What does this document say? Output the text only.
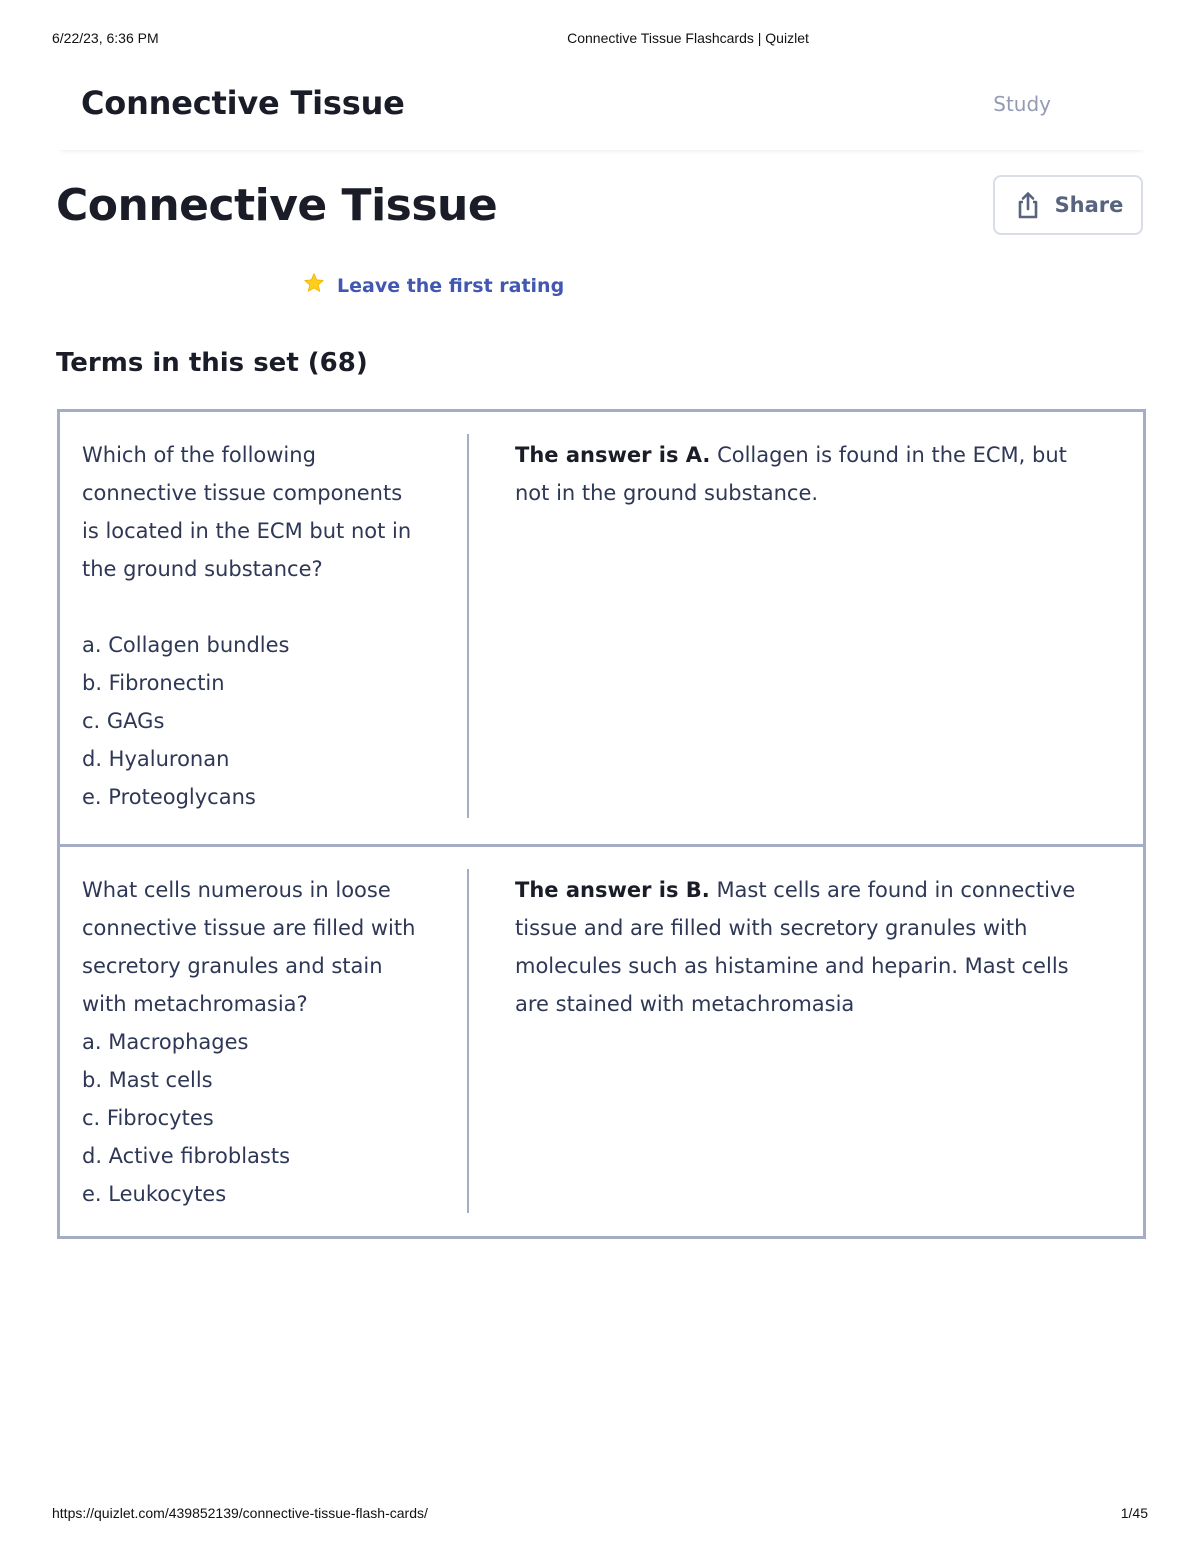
6/22/23, 6:36 PM	Connective Tissue Flashcards | Quizlet
Connective Tissue	Study
Connective Tissue	Share
Leave the first rating
Terms in this set (68)
Which of the following
connective tissue components
is located in the ECM but not in
the ground substance?
a. Collagen bundles
b. Fibronectin
c. GAGs
d. Hyaluronan
e. Proteoglycans
The answer is A. Collagen is found in the ECM, but not in the ground substance.
What cells numerous in loose
connective tissue are filled with
secretory granules and stain
with metachromasia?
a. Macrophages
b. Mast cells
c. Fibrocytes
d. Active fibroblasts
e. Leukocytes
The answer is B. Mast cells are found in connective tissue and are filled with secretory granules with molecules such as histamine and heparin. Mast cells are stained with metachromasia
https://quizlet.com/439852139/connective-tissue-flash-cards/	1/45
